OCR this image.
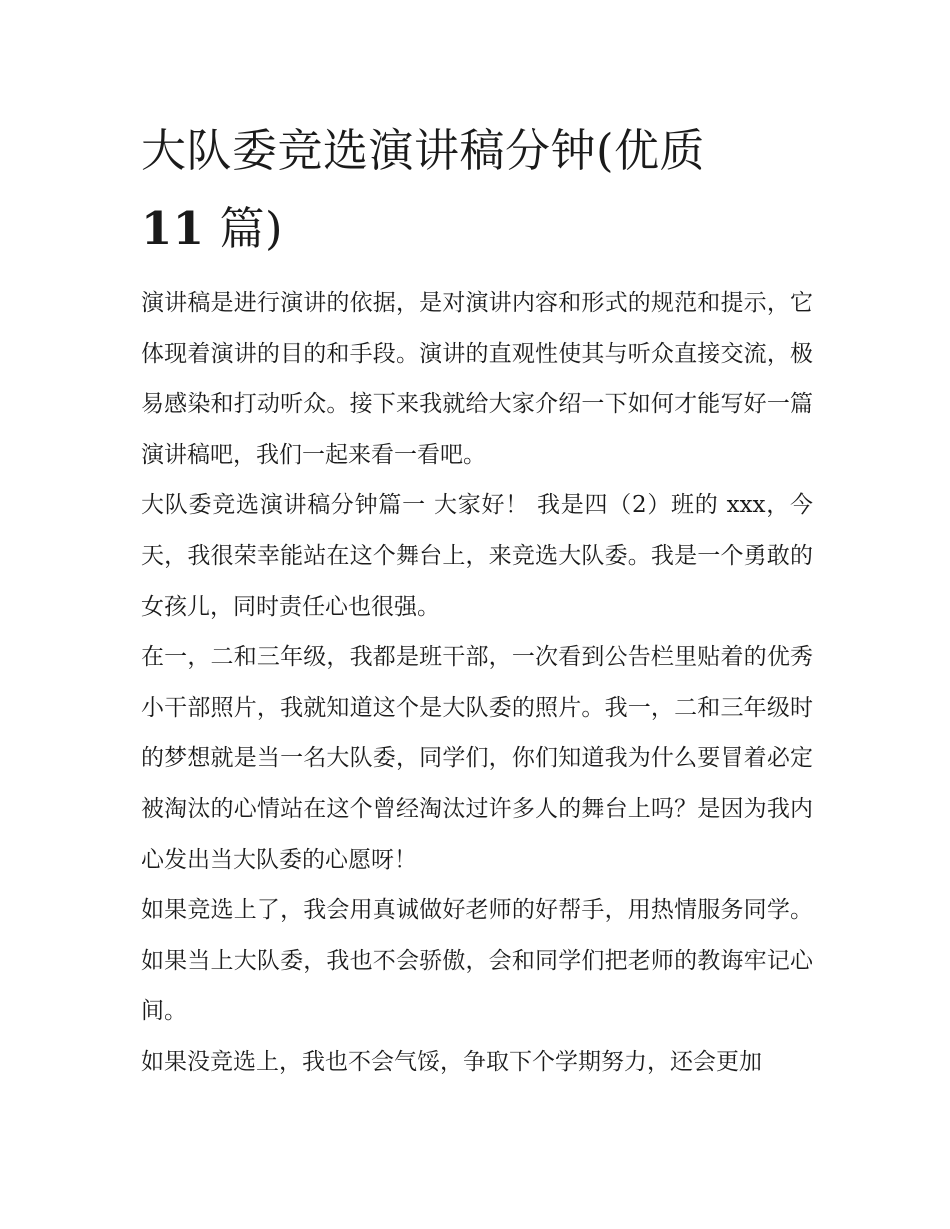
大队委竞选演讲稿分钟(优质
11 篇)

演讲稿是进行演讲的依据，是对演讲内容和形式的规范和提示，它体现着演讲的目的和手段。演讲的直观性使其与听众直接交流，极易感染和打动听众。接下来我就给大家介绍一下如何才能写好一篇演讲稿吧，我们一起来看一看吧。

大队委竞选演讲稿分钟篇一 大家好！ 我是四（2）班的 xxx，今天，我很荣幸能站在这个舞台上，来竞选大队委。我是一个勇敢的女孩儿，同时责任心也很强。

在一，二和三年级，我都是班干部，一次看到公告栏里贴着的优秀小干部照片，我就知道这个是大队委的照片。我一，二和三年级时的梦想就是当一名大队委，同学们，你们知道我为什么要冒着必定被淘汰的心情站在这个曾经淘汰过许多人的舞台上吗？是因为我内心发出当大队委的心愿呀！

如果竞选上了，我会用真诚做好老师的好帮手，用热情服务同学。如果当上大队委，我也不会骄傲，会和同学们把老师的教诲牢记心间。

如果没竞选上，我也不会气馁，争取下个学期努力，还会更加
